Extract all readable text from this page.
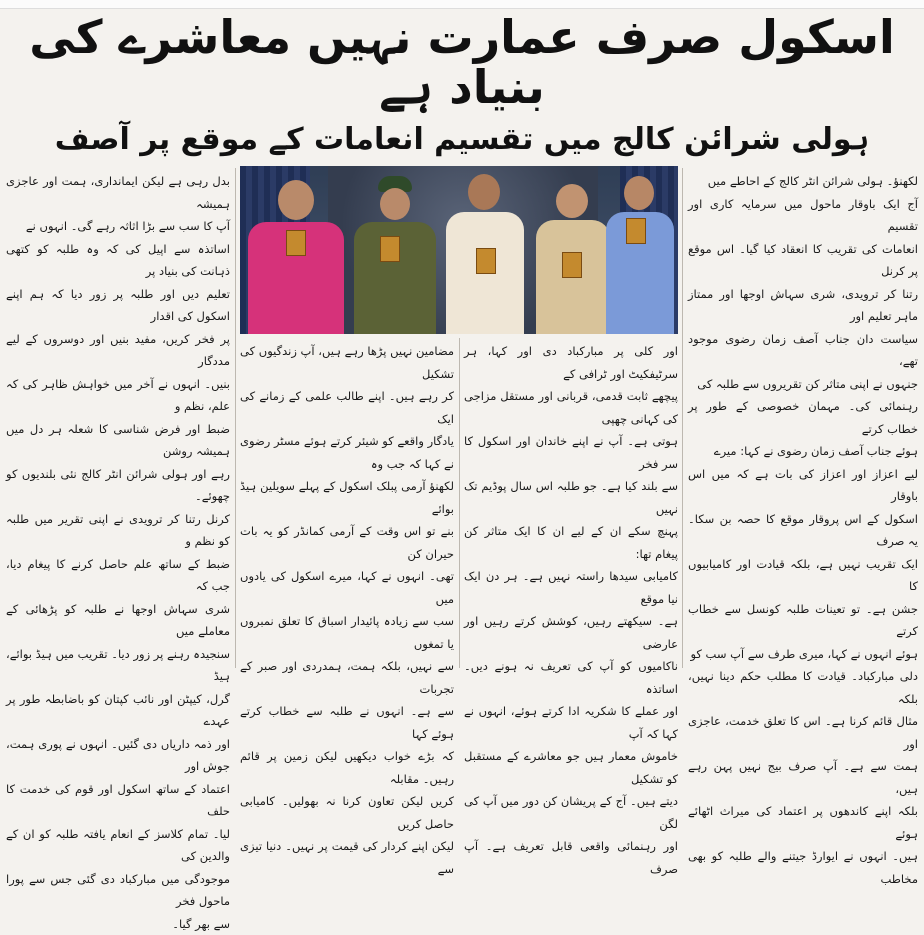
اسکول صرف عمارت نہیں معاشرے کی بنیاد ہے
ہولی شرائن کالج میں تقسیم انعامات کے موقع پر آصف
لکھنؤ۔ ہولی شرائن انٹر کالج کے احاطے میں
آج ایک باوقار ماحول میں سرمایہ کاری اور تقسیم
انعامات کی تقریب کا انعقاد کیا گیا۔ اس موقع پر کرنل
رتنا کر ترویدی، شری سہاش اوجھا اور ممتاز ماہر تعلیم اور
سیاست دان جناب آصف زمان رضوی موجود تھے،
جنہوں نے اپنی متاثر کن تقریروں سے طلبہ کی
رہنمائی کی۔ مہمان خصوصی کے طور پر خطاب کرتے
ہوئے جناب آصف زمان رضوی نے کہا: میرے
لیے اعزاز اور اعزاز کی بات ہے کہ میں اس باوقار
اسکول کے اس پروقار موقع کا حصہ بن سکا۔ یہ صرف
ایک تقریب نہیں ہے، بلکہ قیادت اور کامیابیوں کا
جشن ہے۔ تو تعینات طلبہ کونسل سے خطاب کرتے
ہوئے انہوں نے کہا، میری طرف سے آپ سب کو
دلی مبارکباد۔ قیادت کا مطلب حکم دینا نہیں، بلکہ
مثال قائم کرنا ہے۔ اس کا تعلق خدمت، عاجزی اور
ہمت سے ہے۔ آپ صرف بیج نہیں پہن رہے ہیں،
بلکہ اپنے کاندھوں پر اعتماد کی میراث اٹھائے ہوئے
ہیں۔ انہوں نے ایوارڈ جیتنے والے طلبہ کو بھی مخاطب
اور کلی پر مبارکباد دی اور کہا، ہر سرٹیفکیٹ اور ٹرافی کے
پیچھے ثابت قدمی، قربانی اور مستقل مزاجی کی کہانی چھپی
ہوتی ہے۔ آپ نے اپنے خاندان اور اسکول کا سر فخر
سے بلند کیا ہے۔ جو طلبہ اس سال پوڈیم تک نہیں
پہنچ سکے ان کے لیے ان کا ایک متاثر کن پیغام تھا:
کامیابی سیدھا راستہ نہیں ہے۔ ہر دن ایک نیا موقع
ہے۔ سیکھتے رہیں، کوشش کرتے رہیں اور عارضی
ناکامیوں کو آپ کی تعریف نہ ہونے دیں۔ اساتذہ
اور عملے کا شکریہ ادا کرتے ہوئے، انہوں نے کہا کہ آپ
خاموش معمار ہیں جو معاشرے کے مستقبل کو تشکیل
دیتے ہیں۔ آج کے پریشان کن دور میں آپ کی لگن
اور رہنمائی واقعی قابل تعریف ہے۔ آپ صرف
مضامین نہیں پڑھا رہے ہیں، آپ زندگیوں کی تشکیل
کر رہے ہیں۔ اپنے طالب علمی کے زمانے کی ایک
یادگار واقعے کو شیئر کرتے ہوئے مسٹر رضوی نے کہا کہ جب وہ
لکھنؤ آرمی پبلک اسکول کے پہلے سویلین ہیڈ بوائے
بنے تو اس وقت کے آرمی کمانڈر کو یہ بات حیران کن
تھی۔ انہوں نے کہا، میرے اسکول کی یادوں میں
سب سے زیادہ پائیدار اسباق کا تعلق نمبروں یا تمغوں
سے نہیں، بلکہ ہمت، ہمدردی اور صبر کے تجربات
سے ہے۔ انہوں نے طلبہ سے خطاب کرتے ہوئے کہا
کہ بڑے خواب دیکھیں لیکن زمین پر قائم رہیں۔ مقابلہ
کریں لیکن تعاون کرنا نہ بھولیں۔ کامیابی حاصل کریں
لیکن اپنے کردار کی قیمت پر نہیں۔ دنیا تیزی سے
بدل رہی ہے لیکن ایمانداری، ہمت اور عاجزی ہمیشہ
آپ کا سب سے بڑا اثاثہ رہے گی۔ انہوں نے
اساتذہ سے اپیل کی کہ وہ طلبہ کو کتھی ذہانت کی بنیاد پر
تعلیم دیں اور طلبہ پر زور دیا کہ ہم اپنے اسکول کی اقدار
پر فخر کریں، مفید بنیں اور دوسروں کے لیے مددگار
بنیں۔ انہوں نے آخر میں خواہش ظاہر کی کہ علم، نظم و
ضبط اور فرض شناسی کا شعلہ ہر دل میں ہمیشہ روشن
رہے اور ہولی شرائن انٹر کالج نئی بلندیوں کو چھوئے۔
کرنل رتنا کر ترویدی نے اپنی تقریر میں طلبہ کو نظم و
ضبط کے ساتھ علم حاصل کرنے کا پیغام دیا، جب کہ
شری سہاش اوجھا نے طلبہ کو پڑھائی کے معاملے میں
سنجیدہ رہنے پر زور دیا۔ تقریب میں ہیڈ بوائے، ہیڈ
گرل، کیپٹن اور نائب کپتان کو باضابطہ طور پر عہدے
اور ذمہ داریاں دی گئیں۔ انہوں نے پوری ہمت، جوش اور
اعتماد کے ساتھ اسکول اور قوم کی خدمت کا حلف
لیا۔ تمام کلاسز کے انعام یافتہ طلبہ کو ان کے والدین کی
موجودگی میں مبارکباد دی گئی جس سے پورا ماحول فخر
سے بھر گیا۔
